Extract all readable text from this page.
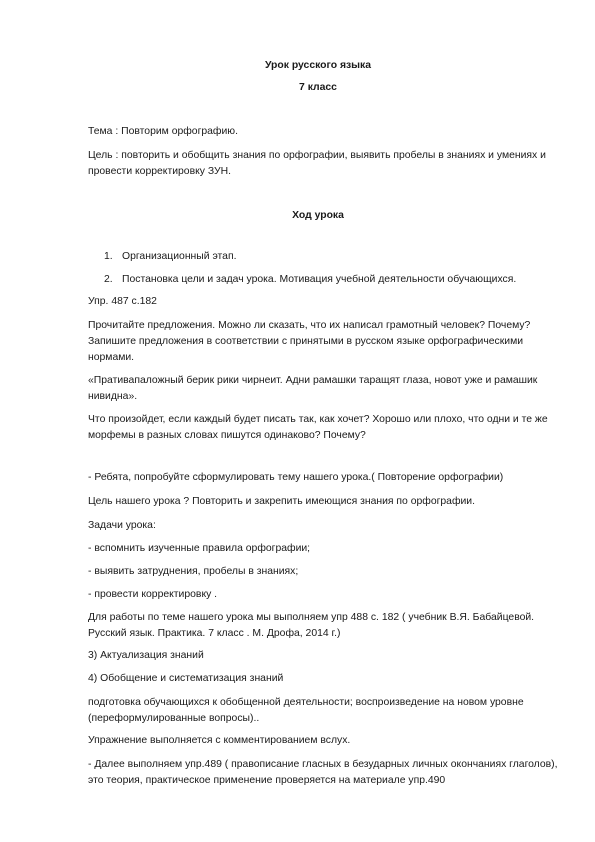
Урок русского языка

7 класс

Тема : Повторим орфографию.

Цель : повторить и обобщить знания по орфографии, выявить пробелы в знаниях и умениях и провести корректировку ЗУН.

Ход урока

1. Организационный этап.

2. Постановка цели и задач урока. Мотивация учебной деятельности обучающихся.

Упр. 487 с.182

Прочитайте предложения. Можно ли сказать, что их написал грамотный человек? Почему? Запишите предложения в соответствии с принятыми в русском языке орфографическими нормами.

«Пративапаложный берик рики чирнеит. Адни рамашки таращят глаза, новот уже и рамашик нивидна».

Что произойдет, если каждый будет писать так, как хочет? Хорошо или плохо, что одни и те же морфемы в разных словах пишутся одинаково? Почему?

- Ребята, попробуйте сформулировать тему нашего урока.( Повторение орфографии)

Цель нашего урока ? Повторить и закрепить имеющися знания по орфографии.

Задачи урока:

- вспомнить изученные правила орфографии;

- выявить затруднения, пробелы в знаниях;

- провести корректировку .

Для работы по теме нашего урока мы выполняем упр 488 с. 182 ( учебник В.Я. Бабайцевой. Русский язык. Практика. 7 класс . М. Дрофа, 2014 г.)

3) Актуализация знаний

4) Обобщение и систематизация знаний

подготовка обучающихся к обобщенной деятельности; воспроизведение на новом уровне (переформулированные вопросы)..

Упражнение выполняется с комментированием вслух.

- Далее выполняем упр.489 ( правописание гласных в безударных личных окончаниях глаголов), это теория, практическое применение проверяется на материале упр.490
